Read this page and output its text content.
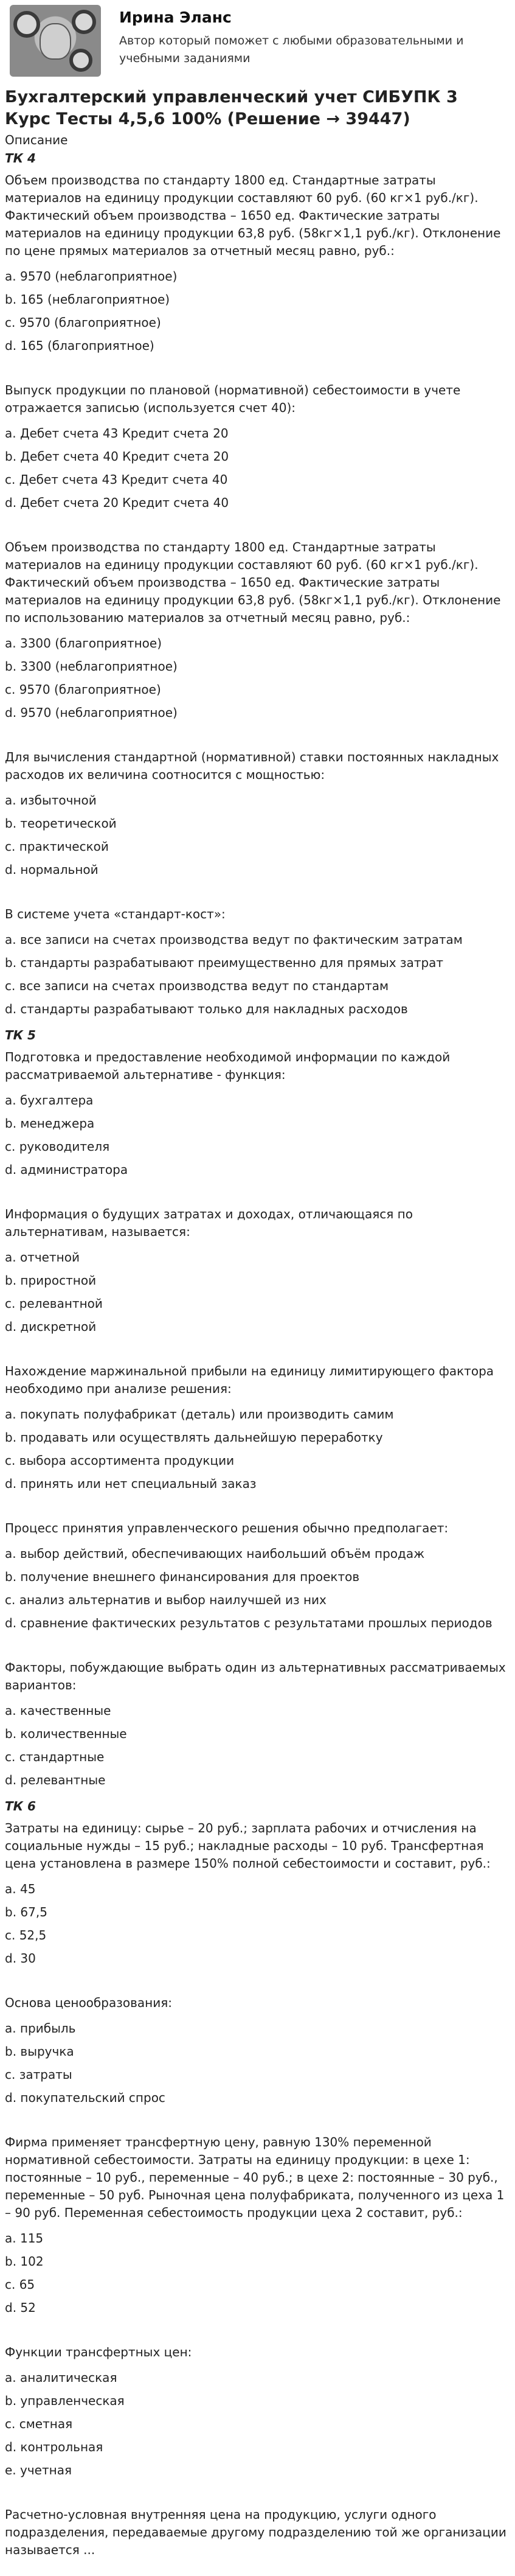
Ирина Эланс
Автор который поможет с любыми образовательными и учебными заданиями
Бухгалтерский управленческий учет СИБУПК 3 Курс Тесты 4,5,6 100% (Решение → 39447)
Описание
ТК 4
Объем производства по стандарту 1800 ед. Стандартные затраты материалов на единицу продукции составляют 60 руб. (60 кг×1 руб./кг). Фактический объем производства – 1650 ед. Фактические затраты материалов на единицу продукции 63,8 руб. (58кг×1,1 руб./кг). Отклонение по цене прямых материалов за отчетный месяц равно, руб.:
a. 9570 (неблагоприятное)
b. 165 (неблагоприятное)
c. 9570 (благоприятное)
d. 165 (благоприятное)
Выпуск продукции по плановой (нормативной) себестоимости в учете отражается записью (используется счет 40):
a. Дебет счета 43 Кредит счета 20
b. Дебет счета 40 Кредит счета 20
c. Дебет счета 43 Кредит счета 40
d. Дебет счета 20 Кредит счета 40
Объем производства по стандарту 1800 ед. Стандартные затраты материалов на единицу продукции составляют 60 руб. (60 кг×1 руб./кг). Фактический объем производства – 1650 ед. Фактические затраты материалов на единицу продукции 63,8 руб. (58кг×1,1 руб./кг). Отклонение по использованию материалов за отчетный месяц равно, руб.:
a. 3300 (благоприятное)
b. 3300 (неблагоприятное)
c. 9570 (благоприятное)
d. 9570 (неблагоприятное)
Для вычисления стандартной (нормативной) ставки постоянных накладных расходов их величина соотносится с мощностью:
a. избыточной
b. теоретической
c. практической
d. нормальной
В системе учета «стандарт-кост»:
a. все записи на счетах производства ведут по фактическим затратам
b. стандарты разрабатывают преимущественно для прямых затрат
c. все записи на счетах производства ведут по стандартам
d. стандарты разрабатывают только для накладных расходов
ТК 5
Подготовка и предоставление необходимой информации по каждой рассматриваемой альтернативе - функция:
a. бухгалтера
b. менеджера
c. руководителя
d. администратора
Информация о будущих затратах и доходах, отличающаяся по альтернативам, называется:
a. отчетной
b. приростной
c. релевантной
d. дискретной
Нахождение маржинальной прибыли на единицу лимитирующего фактора необходимо при анализе решения:
a. покупать полуфабрикат (деталь) или производить самим
b. продавать или осуществлять дальнейшую переработку
c. выбора ассортимента продукции
d. принять или нет специальный заказ
Процесс принятия управленческого решения обычно предполагает:
a. выбор действий, обеспечивающих наибольший объём продаж
b. получение внешнего финансирования для проектов
c. анализ альтернатив и выбор наилучшей из них
d. сравнение фактических результатов с результатами прошлых периодов
Факторы, побуждающие выбрать один из альтернативных рассматриваемых вариантов:
a. качественные
b. количественные
c. стандартные
d. релевантные
ТК 6
Затраты на единицу: сырье – 20 руб.; зарплата рабочих и отчисления на социальные нужды – 15 руб.; накладные расходы – 10 руб. Трансфертная цена установлена в размере 150% полной себестоимости и составит, руб.:
a. 45
b. 67,5
c. 52,5
d. 30
Основа ценообразования:
a. прибыль
b. выручка
c. затраты
d. покупательский спрос
Фирма применяет трансфертную цену, равную 130% переменной нормативной себестоимости. Затраты на единицу продукции: в цехе 1: постоянные – 10 руб., переменные – 40 руб.; в цехе 2: постоянные – 30 руб., переменные – 50 руб. Рыночная цена полуфабриката, полученного из цеха 1 – 90 руб. Переменная себестоимость продукции цеха 2 составит, руб.:
a. 115
b. 102
c. 65
d. 52
Функции трансфертных цен:
a. аналитическая
b. управленческая
c. сметная
d. контрольная
e. учетная
Расчетно-условная внутренняя цена на продукцию, услуги одного подразделения, передаваемые другому подразделению той же организации называется ...
